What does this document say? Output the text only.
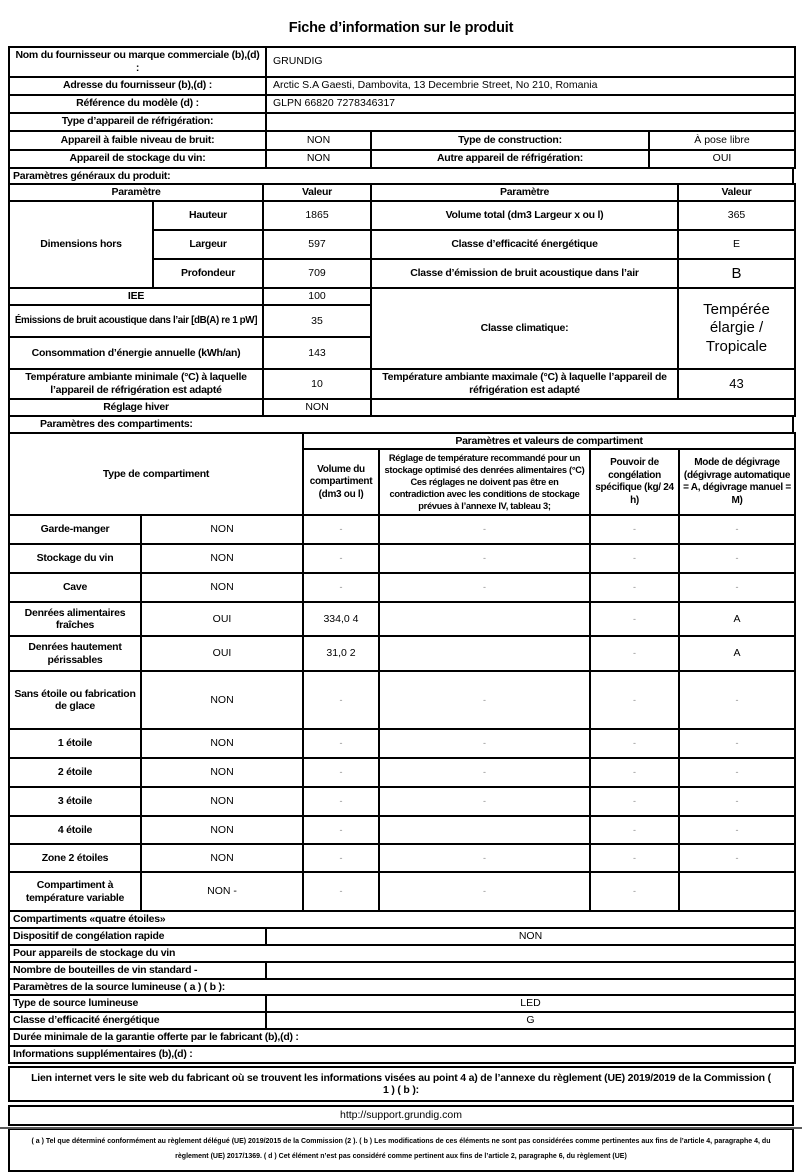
Fiche d’information sur le produit
Nom du fournisseur ou marque commerciale (b),(d) :	GRUNDIG		
Adresse du fournisseur (b),(d) :	Arctic S.A Gaesti, Dambovita, 13 Decembrie Street, No 210, Romania		
Référence du modèle (d) :	GLPN 66820 7278346317		
Type d’appareil de réfrigération:			
Appareil à faible niveau de bruit:	NON	Type de construction:	À pose libre
Appareil de stockage du vin:	NON	Autre appareil de réfrigération:	OUI
Paramètres généraux du produit:
Paramètre		Valeur	Paramètre	Valeur
Dimensions hors	Hauteur	1865	Volume total (dm3 Largeur x ou l)	365
	Largeur	597	Classe d’efficacité énergétique	E
	Profondeur	709	Classe d’émission de bruit acoustique dans l’air	B
IEE		100	Classe climatique:	Tempérée élargie / Tropicale
Émissions de bruit acoustique dans l’air [dB(A) re 1 pW]		35		
Consommation d’énergie annuelle (kWh/an)		143		
Température ambiante minimale (°C) à laquelle l’appareil de réfrigération est adapté		10	Température ambiante maximale (°C) à laquelle l’appareil de réfrigération est adapté	43
Réglage hiver		NON		
Paramètres des compartiments:
Type de compartiment		Paramètres et valeurs de compartiment			
		Volume du compartiment (dm3 ou l)	Réglage de température recommandé pour un stockage optimisé des denrées alimentaires (°C) Ces réglages ne doivent pas être en contradiction avec les conditions de stockage prévues à l’annexe IV, tableau 3;	Pouvoir de congélation spécifique (kg/ 24 h)	Mode de dégivrage (dégivrage automatique = A, dégivrage manuel = M)
Garde-manger	NON	-	-	-	-
Stockage du vin	NON	-	-	-	-
Cave	NON	-	-	-	-
Denrées alimentaires fraîches	OUI	334,0 4		-	A
Denrées hautement périssables	OUI	31,0 2		-	A
Sans étoile ou fabrication de glace	NON	-	-	-	-
1 étoile	NON	-	-	-	-
2 étoile	NON	-	-	-	-
3 étoile	NON	-	-	-	-
4 étoile	NON	-		-	-
Zone 2 étoiles	NON	-	-	-	-
Compartiment à température variable	NON -	-	-	-	
Compartiments «quatre étoiles»	
Dispositif de congélation rapide	NON
Pour appareils de stockage du vin	
Nombre de bouteilles de vin standard -	
Paramètres de la source lumineuse ( a ) ( b ):	
Type de source lumineuse	LED
Classe d’efficacité énergétique	G
Durée minimale de la garantie offerte par le fabricant (b),(d) :	
Informations supplémentaires (b),(d) :	
Lien internet vers le site web du fabricant où se trouvent les informations visées au point 4 a) de l’annexe du règlement (UE) 2019/2019 de la Commission ( 1 ) ( b ):
http://support.grundig.com
( a ) Tel que déterminé conformément au règlement délégué (UE) 2019/2015 de la Commission (2 ). ( b ) Les modifications de ces éléments ne sont pas considérées comme pertinentes aux fins de l’article 4, paragraphe 4, du règlement (UE) 2017/1369. ( d ) Cet élément n’est pas considéré comme pertinent aux fins de l’article 2, paragraphe 6, du règlement (UE)
